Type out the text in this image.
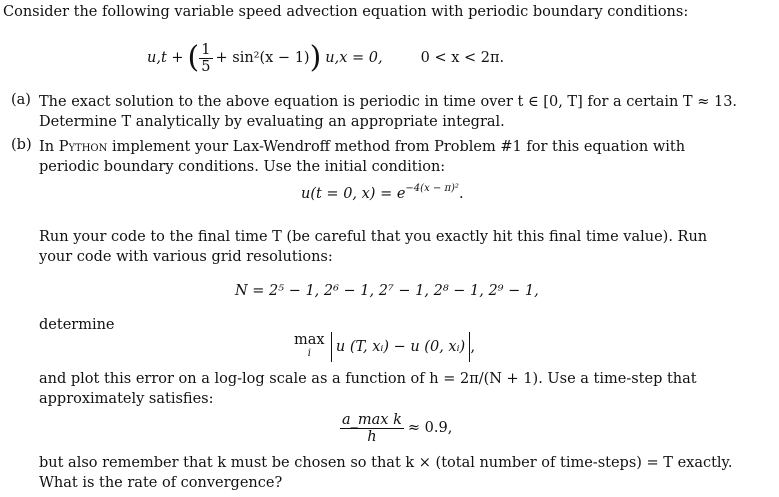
Consider the following variable speed advection equation with periodic boundary conditions:
u,t + ( $\frac{1}{5} + \sin^2(x - 1)$ ) u,x = 0,	0 < x < 2π.
(a) The exact solution to the above equation is periodic in time over t ∈ [0, T] for a certain T ≈ 13.
Determine T analytically by evaluating an appropriate integral.
(b) In Python implement your Lax-Wendroff method from Problem #1 for this equation with
periodic boundary conditions. Use the initial condition:
u(t = 0, $x) = e^{-4(x - \pi)^2}$.
Run your code to the final time T (be careful that you exactly hit this final time value). Run
your code with various grid resolutions:
N = 2⁵ − 1, 2⁶ − 1, 2⁷ − 1, 2⁸ − 1, 2⁹ − 1,
determine
max
i	u (T, xᵢ) − u (0, xᵢ) ,
and plot this error on a log-log scale as a function of h = 2π/(N + 1). Use a time-step that
approximately satisfies:
$\frac{\text{a\_max k}}{h} \approx 0.9$,
but also remember that k must be chosen so that k × (total number of time-steps) = T exactly.
What is the rate of convergence?
